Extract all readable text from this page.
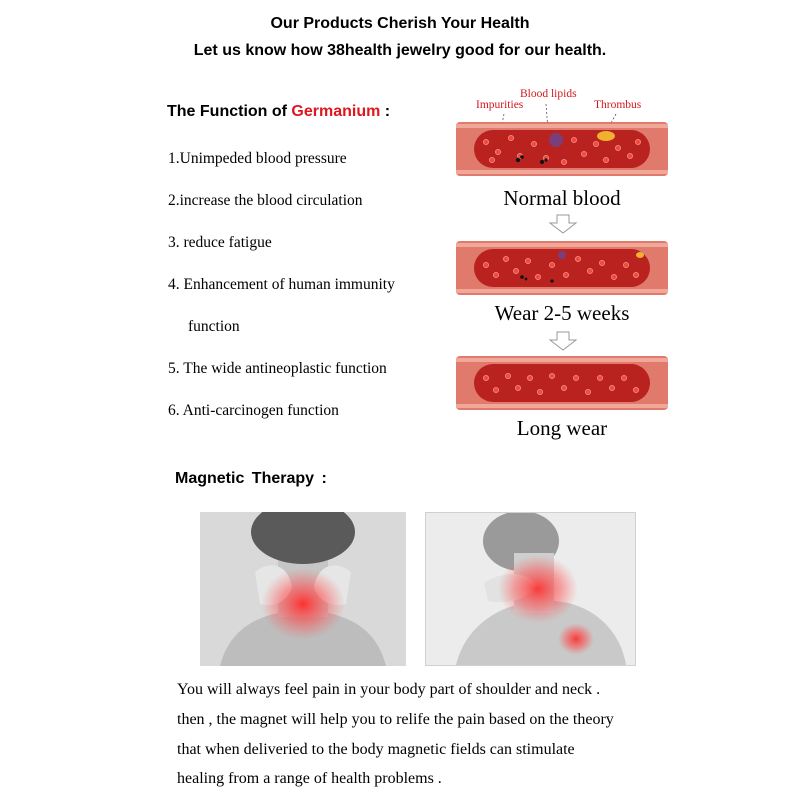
Our Products Cherish Your Health
Let us know how 38health jewelry good for our health.
The Function of Germanium :
1.Unimpeded blood pressure
2.increase the blood circulation
3. reduce fatigue
4. Enhancement of human immunity
function
5. The wide antineoplastic function
6. Anti-carcinogen function
Blood lipids
Impurities	Thrombus
Normal blood
Wear 2-5 weeks
Long wear
Magnetic Therapy :
You will always feel pain in your body part of shoulder and neck .
then , the magnet will help you to relife the pain based on the theory
that when deliveried to the body magnetic fields can stimulate
healing from a range of health problems .
